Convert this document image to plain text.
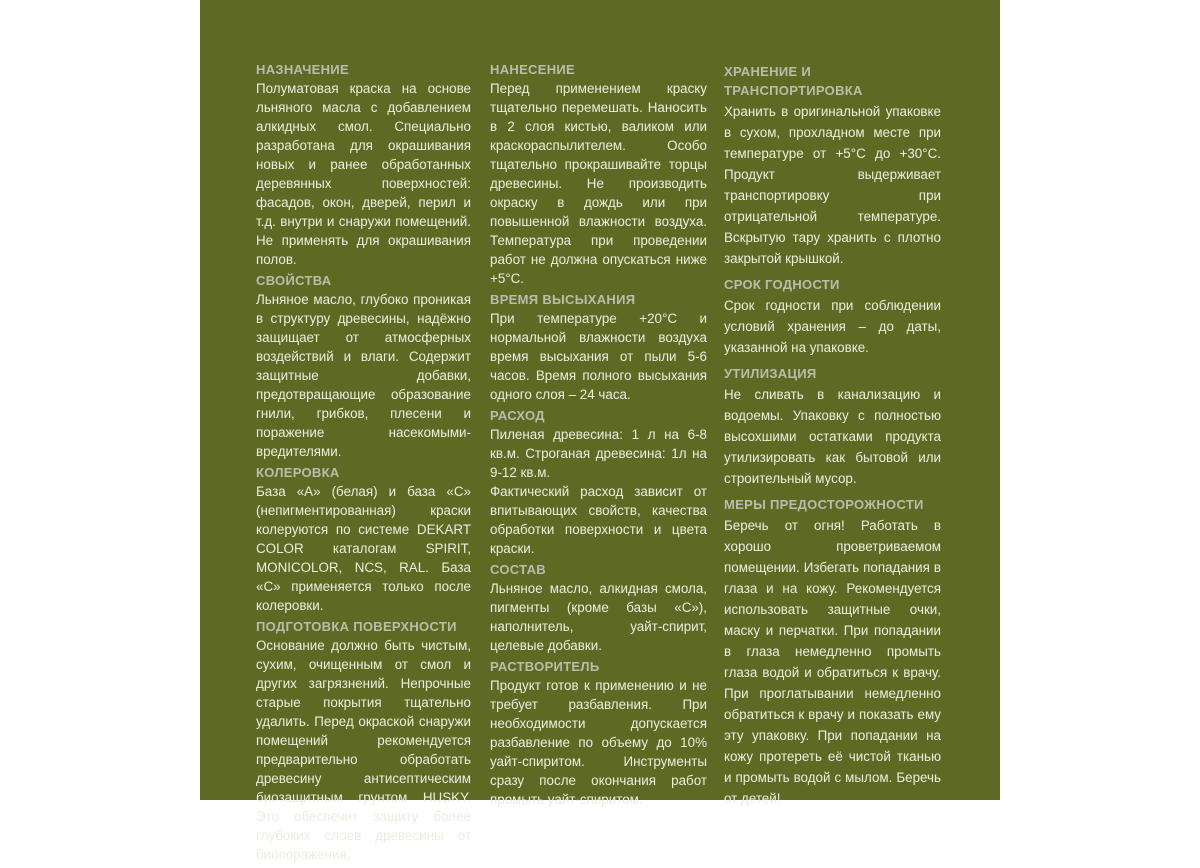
НАЗНАЧЕНИЕ

Полуматовая краска на основе льняного масла с добавлением алкидных смол. Специально разработана для окрашивания новых и ранее обработанных деревянных поверхностей: фасадов, окон, дверей, перил и т.д. внутри и снаружи помещений. Не применять для окрашивания полов.

СВОЙСТВА

Льняное масло, глубоко проникая в структуру древесины, надёжно защищает от атмосферных воздействий и влаги. Содержит защитные добавки, предотвращающие образование гнили, грибков, плесени и поражение насекомыми-вредителями.

КОЛЕРОВКА

База «А» (белая) и база «С» (непигментированная) краски колеруются по системе DEKART COLOR каталогам SPIRIT, MONICOLOR, NCS, RAL. База «С» применяется только после колеровки.

ПОДГОТОВКА ПОВЕРХНОСТИ

Основание должно быть чистым, сухим, очищенным от смол и других загрязнений. Непрочные старые покрытия тщательно удалить. Перед окраской снаружи помещений рекомендуется предварительно обработать древесину антисептическим биозащитным грунтом HUSKY. Это обеспечит защиту более глубоких слоев древесины от биопоражения.

НАНЕСЕНИЕ

Перед применением краску тщательно перемешать. Наносить в 2 слоя кистью, валиком или краскораспылителем. Особо тщательно прокрашивайте торцы древесины. Не производить окраску в дождь или при повышенной влажности воздуха. Температура при проведении работ не должна опускаться ниже +5°С.

ВРЕМЯ ВЫСЫХАНИЯ

При температуре +20°С и нормальной влажности воздуха время высыхания от пыли 5-6 часов. Время полного высыхания одного слоя – 24 часа.

РАСХОД

Пиленая древесина: 1 л на 6-8 кв.м. Строганая древесина: 1л на 9-12 кв.м.

Фактический расход зависит от впитывающих свойств, качества обработки поверхности и цвета краски.

СОСТАВ

Льняное масло, алкидная смола, пигменты (кроме базы «С»), наполнитель, уайт-спирит, целевые добавки.

РАСТВОРИТЕЛЬ

Продукт готов к применению и не требует разбавления. При необходимости допускается разбавление по объему до 10% уайт-спиритом. Инструменты сразу после окончания работ промыть уайт-спиритом.

ХРАНЕНИЕ И ТРАНСПОРТИРОВКА

Хранить в оригинальной упаковке в сухом, прохладном месте при температуре от +5°С до +30°С. Продукт выдерживает транспортировку при отрицательной температуре. Вскрытую тару хранить с плотно закрытой крышкой.

СРОК ГОДНОСТИ

Срок годности при соблюдении условий хранения – до даты, указанной на упаковке.

УТИЛИЗАЦИЯ

Не сливать в канализацию и водоемы. Упаковку с полностью высохшими остатками продукта утилизировать как бытовой или строительный мусор.

МЕРЫ ПРЕДОСТОРОЖНОСТИ

Беречь от огня! Работать в хорошо проветриваемом помещении. Избегать попадания в глаза и на кожу. Рекомендуется использовать защитные очки, маску и перчатки. При попадании в глаза немедленно промыть глаза водой и обратиться к врачу. При проглатывании немедленно обратиться к врачу и показать ему эту упаковку. При попадании на кожу протереть её чистой тканью и промыть водой с мылом. Беречь от детей!
